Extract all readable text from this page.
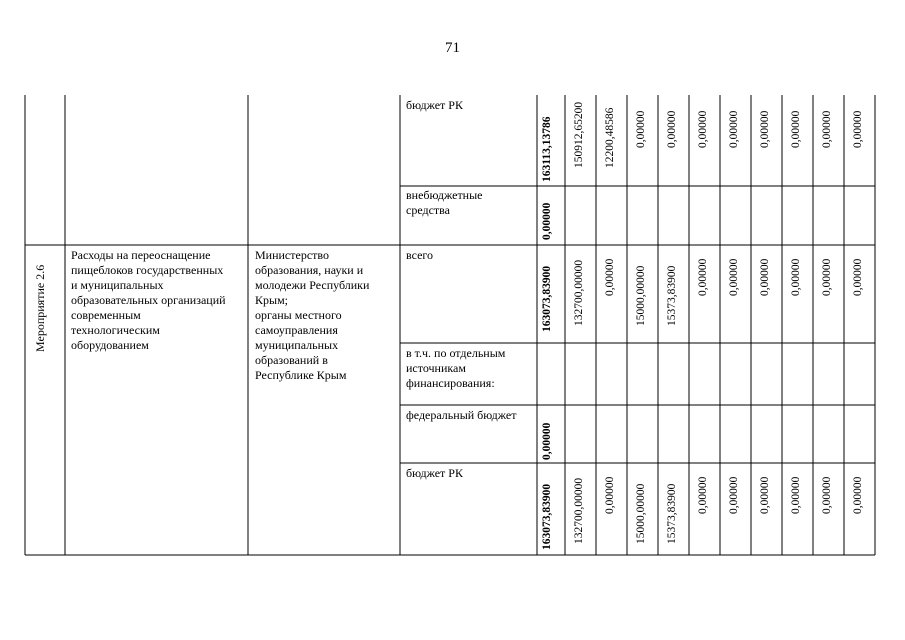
71
бюджет РК
163113,13786 150912,65200 12200,48586 0,00000 0,00000 0,00000 0,00000 0,00000 0,00000 0,00000 0,00000
внебюджетные
средства	0,00000
Мероприятие 2.6
Расходы на переоснащение
пищеблоков государственных
и муниципальных
образовательных организаций
современным
технологическим
оборудованием
Министерство
образования, науки и
молодежи Республики
Крым;
органы местного
самоуправления
муниципальных
образований в
Республике Крым
всего
163073,83900 132700,00000 0,00000 15000,00000 15373,83900 0,00000 0,00000 0,00000 0,00000 0,00000 0,00000
в т.ч. по отдельным
источникам
финансирования:
федеральный бюджет
0,00000
бюджет РК
163073,83900 132700,00000 0,00000 15000,00000 15373,83900 0,00000 0,00000 0,00000 0,00000 0,00000 0,00000
